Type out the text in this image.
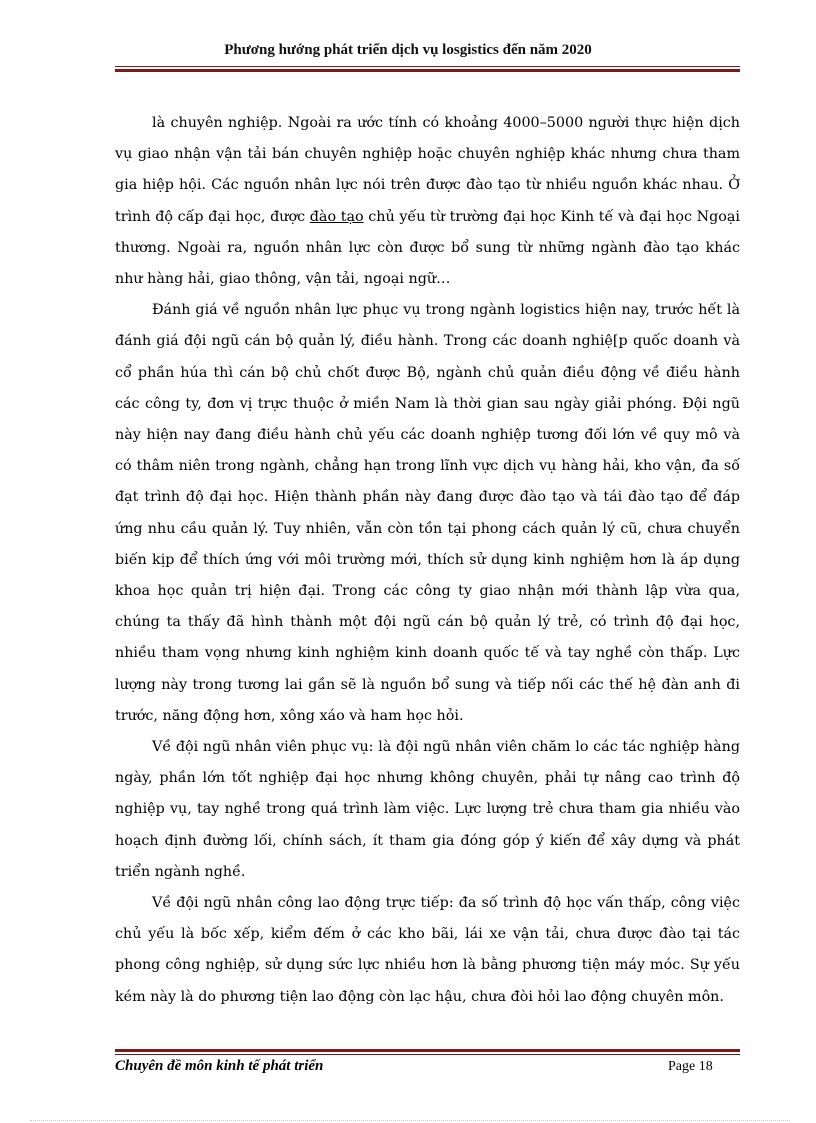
Phương hướng phát triển dịch vụ losgistics đến năm 2020

là chuyên nghiệp. Ngoài ra ước tính có khoảng 4000–5000 người thực hiện dịch vụ giao nhận vận tải bán chuyên nghiệp hoặc chuyên nghiệp khác nhưng chưa tham gia hiệp hội. Các nguồn nhân lực nói trên được đào tạo từ nhiều nguồn khác nhau. Ở trình độ cấp đại học, được đào tạo chủ yếu từ trường đại học Kinh tế và đại học Ngoại thương. Ngoài ra, nguồn nhân lực còn được bổ sung từ những ngành đào tạo khác như hàng hải, giao thông, vận tải, ngoại ngữ…

Đánh giá về nguồn nhân lực phục vụ trong ngành logistics hiện nay, trước hết là đánh giá đội ngũ cán bộ quản lý, điều hành. Trong các doanh nghiệ[p quốc doanh và cổ phần húa thì cán bộ chủ chốt được Bộ, ngành chủ quản điều động về điều hành các công ty, đơn vị trực thuộc ở miền Nam là thời gian sau ngày giải phóng. Đội ngũ này hiện nay đang điều hành chủ yếu các doanh nghiệp tương đối lớn về quy mô và có thâm niên trong ngành, chẳng hạn trong lĩnh vực dịch vụ hàng hải, kho vận, đa số đạt trình độ đại học. Hiện thành phần này đang được đào tạo và tái đào tạo để đáp ứng nhu cầu quản lý. Tuy nhiên, vẫn còn tồn tại phong cách quản lý cũ, chưa chuyển biến kịp để thích ứng với môi trường mới, thích sử dụng kinh nghiệm hơn là áp dụng khoa học quản trị hiện đại. Trong các công ty giao nhận mới thành lập vừa qua, chúng ta thấy đã hình thành một đội ngũ cán bộ quản lý trẻ, có trình độ đại học, nhiều tham vọng nhưng kinh nghiệm kinh doanh quốc tế và tay nghề còn thấp. Lực lượng này trong tương lai gần sẽ là nguồn bổ sung và tiếp nối các thế hệ đàn anh đi trước, năng động hơn, xông xáo và ham học hỏi.

Về đội ngũ nhân viên phục vụ: là đội ngũ nhân viên chăm lo các tác nghiệp hàng ngày, phần lớn tốt nghiệp đại học nhưng không chuyên, phải tự nâng cao trình độ nghiệp vụ, tay nghề trong quá trình làm việc. Lực lượng trẻ chưa tham gia nhiều vào hoạch định đường lối, chính sách, ít tham gia đóng góp ý kiến để xây dựng và phát triển ngành nghề.

Về đội ngũ nhân công lao động trực tiếp: đa số trình độ học vấn thấp, công việc chủ yếu là bốc xếp, kiểm đếm ở các kho bãi, lái xe vận tải, chưa được đào tại tác phong công nghiệp, sử dụng sức lực nhiều hơn là bằng phương tiện máy móc. Sự yếu kém này là do phương tiện lao động còn lạc hậu, chưa đòi hỏi lao động chuyên môn.

Chuyên đề môn kinh tế phát triển	Page 18
